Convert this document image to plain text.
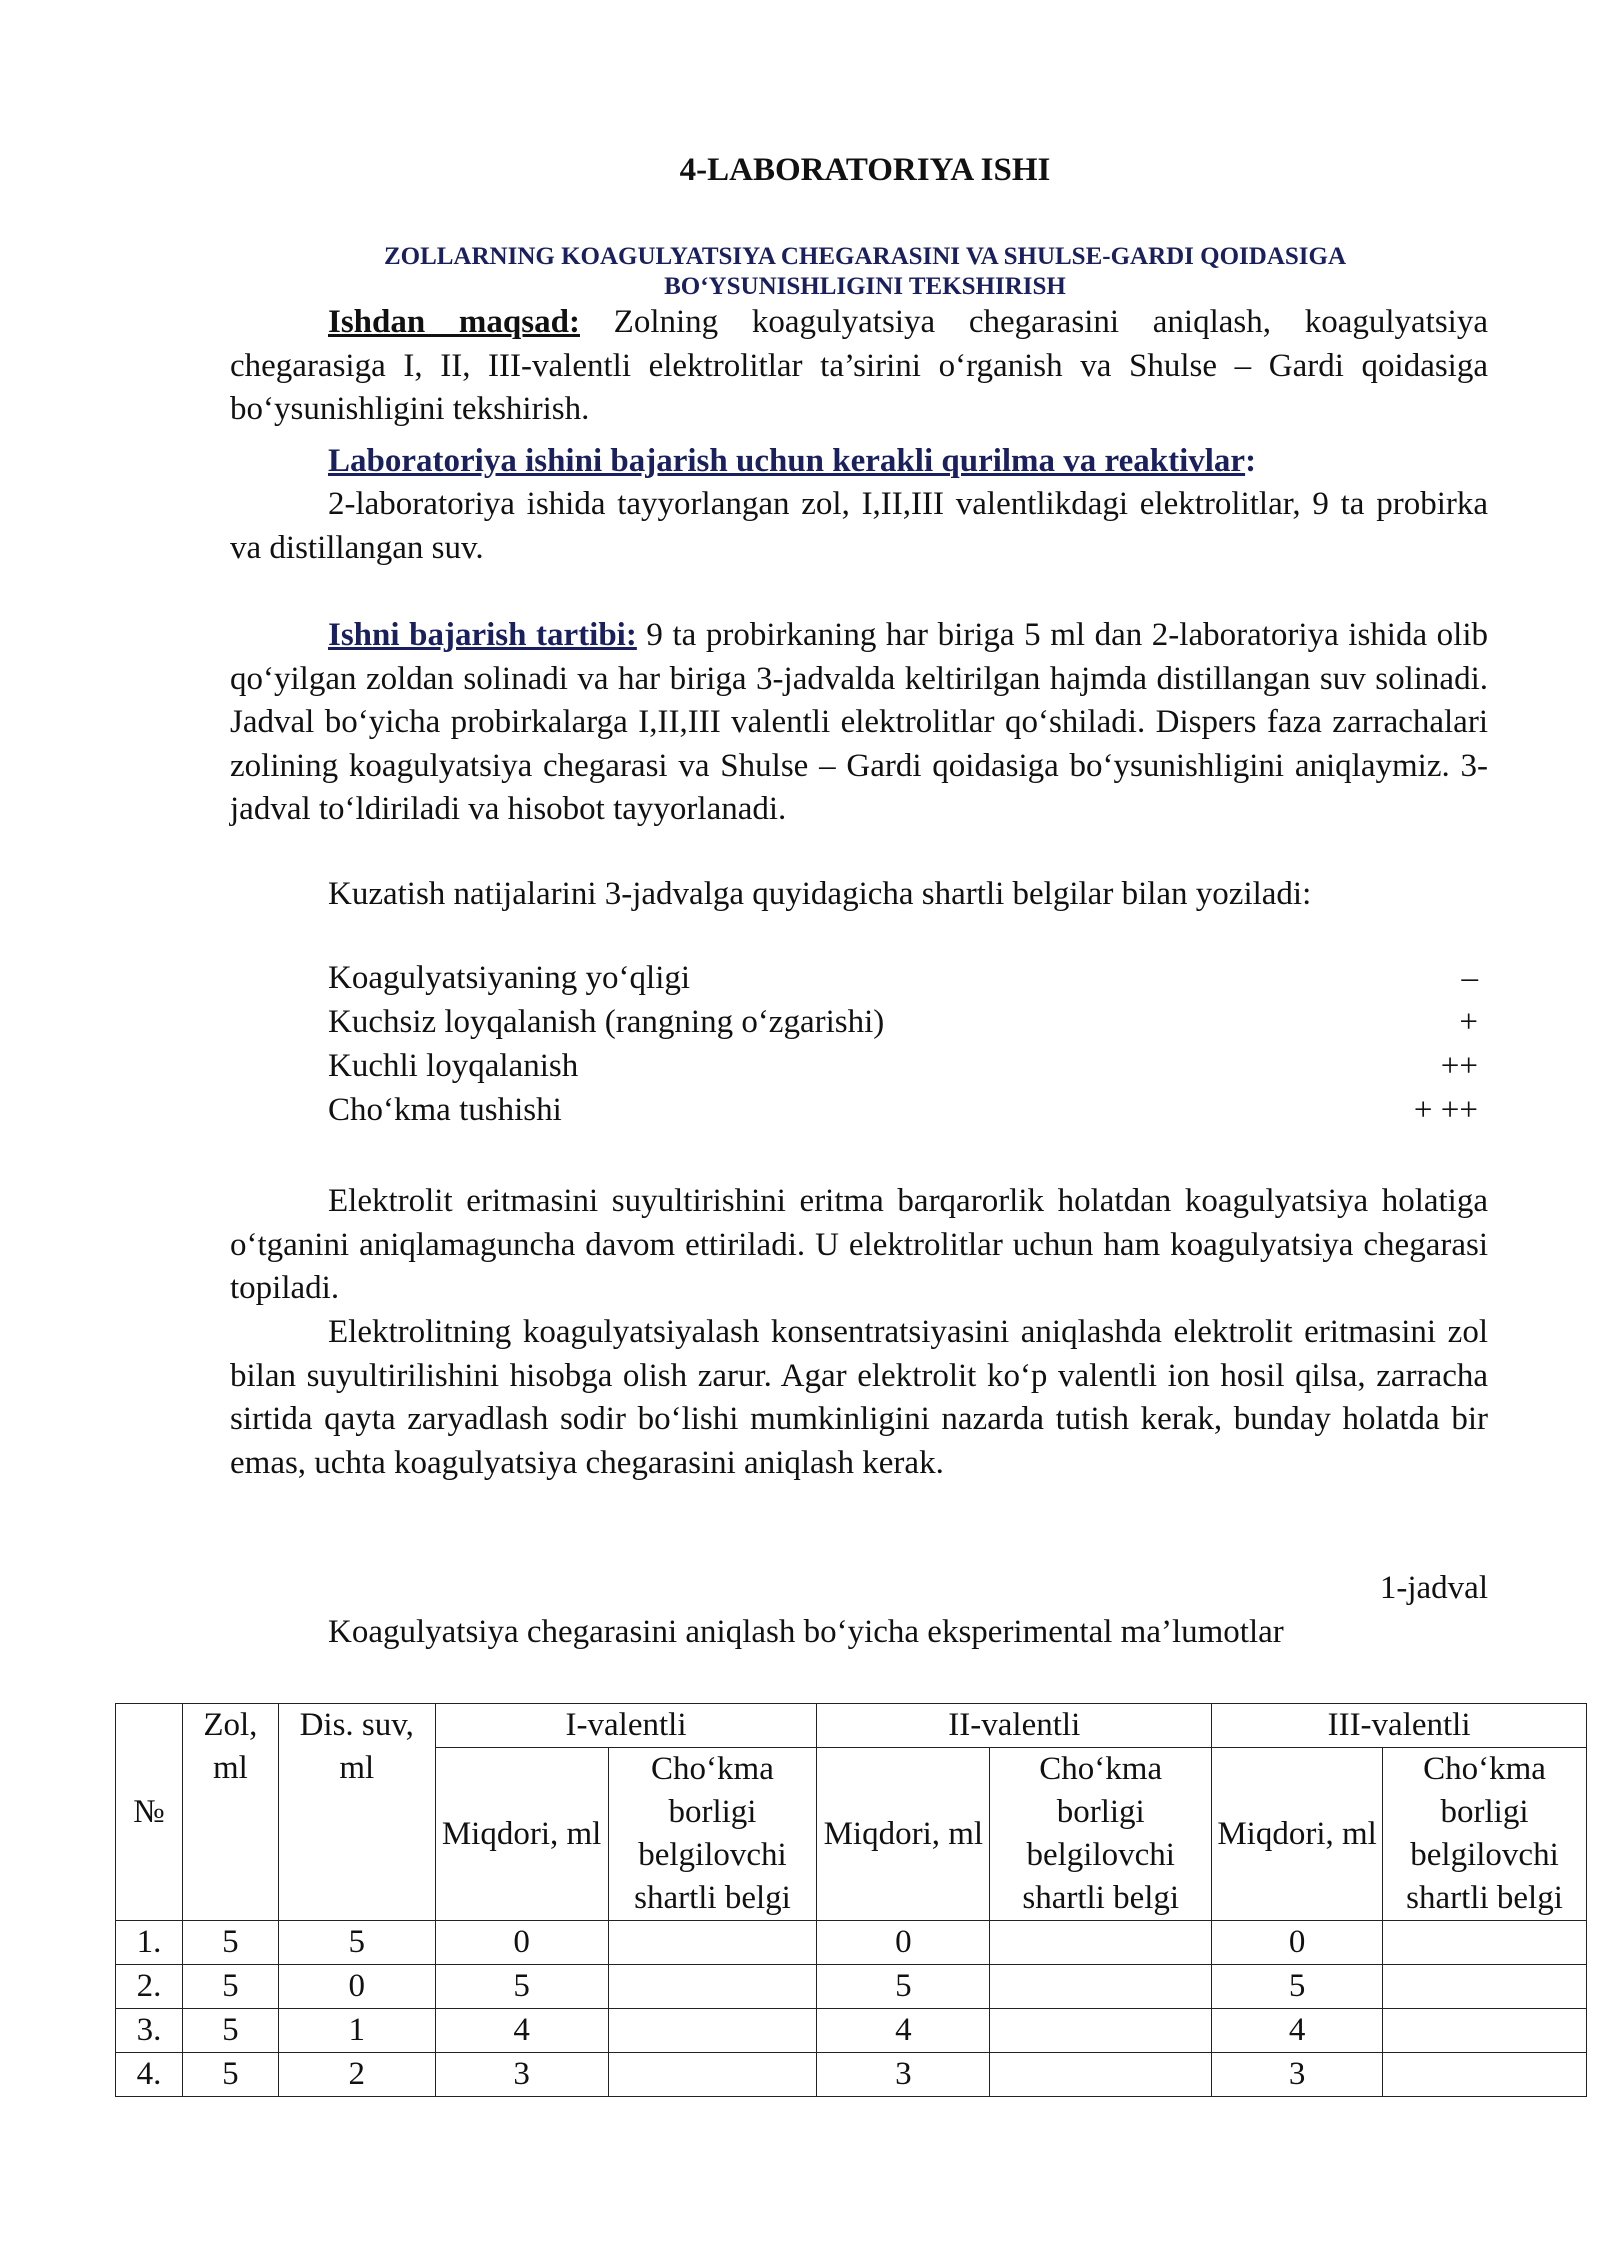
4-LABORATORIYA ISHI
ZOLLARNING KOAGULYATSIYA CHEGARASINI VA SHULSE-GARDI QOIDASIGA
BO‘YSUNISHLIGINI TEKSHIRISH

Ishdan maqsad: Zolning koagulyatsiya chegarasini aniqlash, koagulyatsiya chegarasiga I, II, III-valentli elektrolitlar ta’sirini o‘rganish va Shulse – Gardi qoidasiga bo‘ysunishligini tekshirish.

Laboratoriya ishini bajarish uchun kerakli qurilma va reaktivlar:

2-laboratoriya ishida tayyorlangan zol, I,II,III valentlikdagi elektrolitlar, 9 ta probirka va distillangan suv.

Ishni bajarish tartibi: 9 ta probirkaning har biriga 5 ml dan 2-laboratoriya ishida olib qo‘yilgan zoldan solinadi va har biriga 3-jadvalda keltirilgan hajmda distillangan suv solinadi. Jadval bo‘yicha probirkalarga I,II,III valentli elektrolitlar qo‘shiladi. Dispers faza zarrachalari zolining koagulyatsiya chegarasi va Shulse – Gardi qoidasiga bo‘ysunishligini aniqlaymiz. 3-jadval to‘ldiriladi va hisobot tayyorlanadi.

Kuzatish natijalarini 3-jadvalga quyidagicha shartli belgilar bilan yoziladi:

Koagulyatsiyaning yo‘qligi	–
Kuchsiz loyqalanish (rangning o‘zgarishi)	+
Kuchli loyqalanish	++
Cho‘kma tushishi	+ ++

Elektrolit eritmasini suyultirishini eritma barqarorlik holatdan koagulyatsiya holatiga o‘tganini aniqlamaguncha davom ettiriladi. U elektrolitlar uchun ham koagulyatsiya chegarasi topiladi.

Elektrolitning koagulyatsiyalash konsentratsiyasini aniqlashda elektrolit eritmasini zol bilan suyultirilishini hisobga olish zarur. Agar elektrolit ko‘p valentli ion hosil qilsa, zarracha sirtida qayta zaryadlash sodir bo‘lishi mumkinligini nazarda tutish kerak, bunday holatda bir emas, uchta koagulyatsiya chegarasini aniqlash kerak.

1-jadval
Koagulyatsiya chegarasini aniqlash bo‘yicha eksperimental ma’lumotlar
№	Zol, ml	Dis. suv, ml	I-valentli		II-valentli		III-valentli	
			Miqdori, ml	Cho‘kma borligi belgilovchi shartli belgi	Miqdori, ml	Cho‘kma borligi belgilovchi shartli belgi	Miqdori, ml	Cho‘kma borligi belgilovchi shartli belgi
1.	5	5	0		0		0	
2.	5	0	5		5		5	
3.	5	1	4		4		4	
4.	5	2	3		3		3	
